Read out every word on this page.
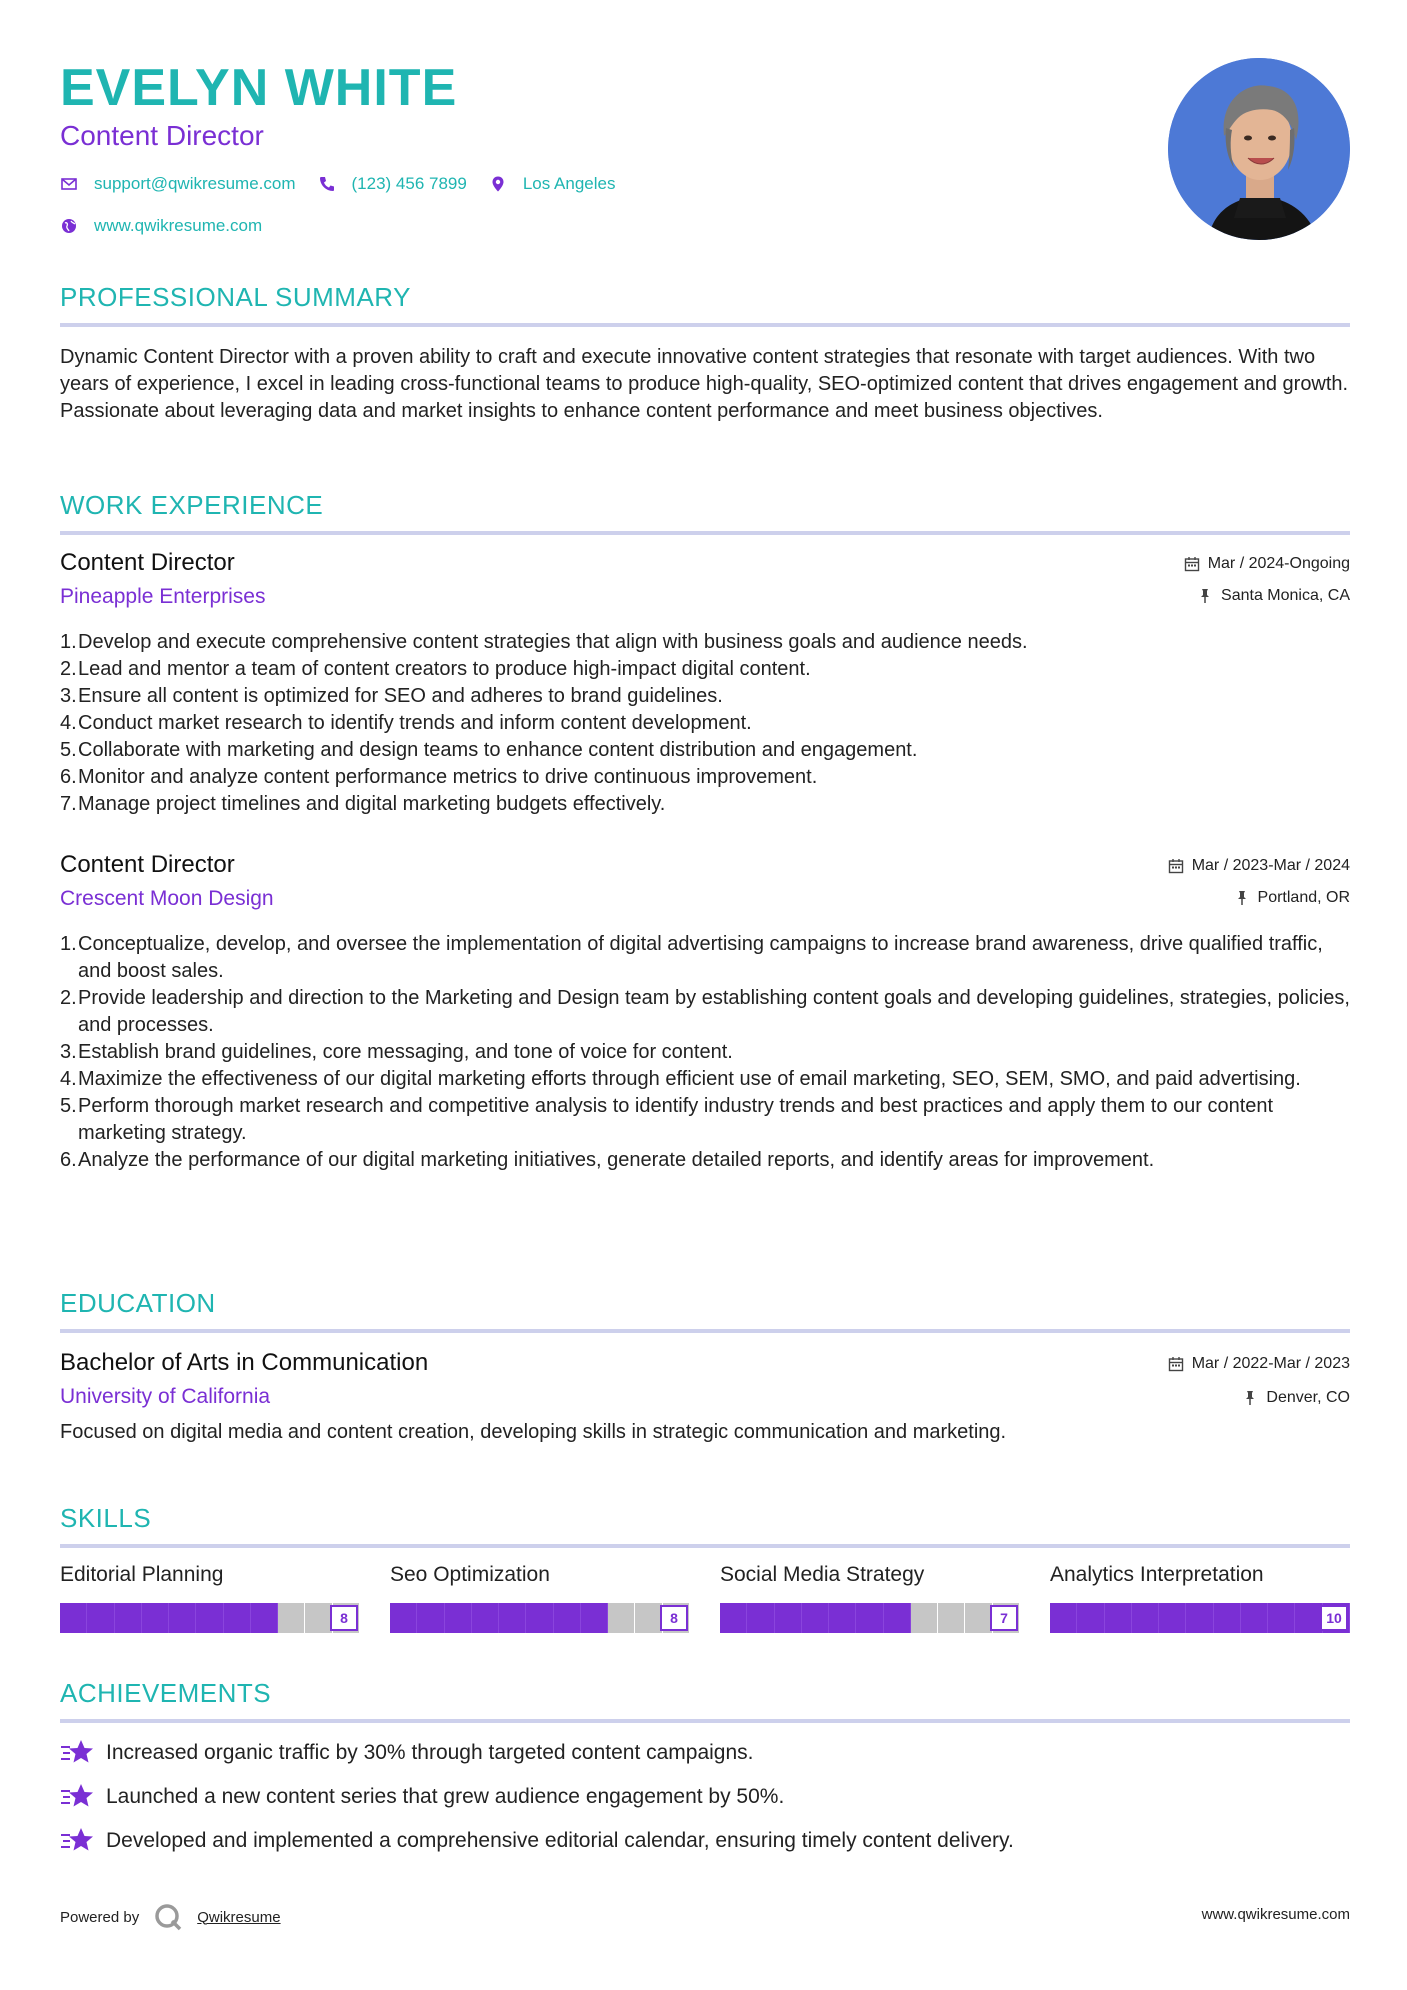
EVELYN WHITE
Content Director
support@qwikresume.com	(123) 456 7899	Los Angeles
www.qwikresume.com
PROFESSIONAL SUMMARY
Dynamic Content Director with a proven ability to craft and execute innovative content strategies that resonate with target audiences. With two years of experience, I excel in leading cross-functional teams to produce high-quality, SEO-optimized content that drives engagement and growth. Passionate about leveraging data and market insights to enhance content performance and meet business objectives.
WORK EXPERIENCE
Content Director
Pineapple Enterprises
Mar / 2024-Ongoing
Santa Monica, CA
1. Develop and execute comprehensive content strategies that align with business goals and audience needs.
2. Lead and mentor a team of content creators to produce high-impact digital content.
3. Ensure all content is optimized for SEO and adheres to brand guidelines.
4. Conduct market research to identify trends and inform content development.
5. Collaborate with marketing and design teams to enhance content distribution and engagement.
6. Monitor and analyze content performance metrics to drive continuous improvement.
7. Manage project timelines and digital marketing budgets effectively.
Content Director
Crescent Moon Design
Mar / 2023-Mar / 2024
Portland, OR
1. Conceptualize, develop, and oversee the implementation of digital advertising campaigns to increase brand awareness, drive qualified traffic, and boost sales.
2. Provide leadership and direction to the Marketing and Design team by establishing content goals and developing guidelines, strategies, policies, and processes.
3. Establish brand guidelines, core messaging, and tone of voice for content.
4. Maximize the effectiveness of our digital marketing efforts through efficient use of email marketing, SEO, SEM, SMO, and paid advertising.
5. Perform thorough market research and competitive analysis to identify industry trends and best practices and apply them to our content marketing strategy.
6. Analyze the performance of our digital marketing initiatives, generate detailed reports, and identify areas for improvement.
EDUCATION
Bachelor of Arts in Communication
University of California
Mar / 2022-Mar / 2023
Denver, CO
Focused on digital media and content creation, developing skills in strategic communication and marketing.
SKILLS
Editorial Planning
8
Seo Optimization
8
Social Media Strategy
7
Analytics Interpretation
10
ACHIEVEMENTS
Increased organic traffic by 30% through targeted content campaigns.
Launched a new content series that grew audience engagement by 50%.
Developed and implemented a comprehensive editorial calendar, ensuring timely content delivery.
Powered by	Qwikresume	www.qwikresume.com
